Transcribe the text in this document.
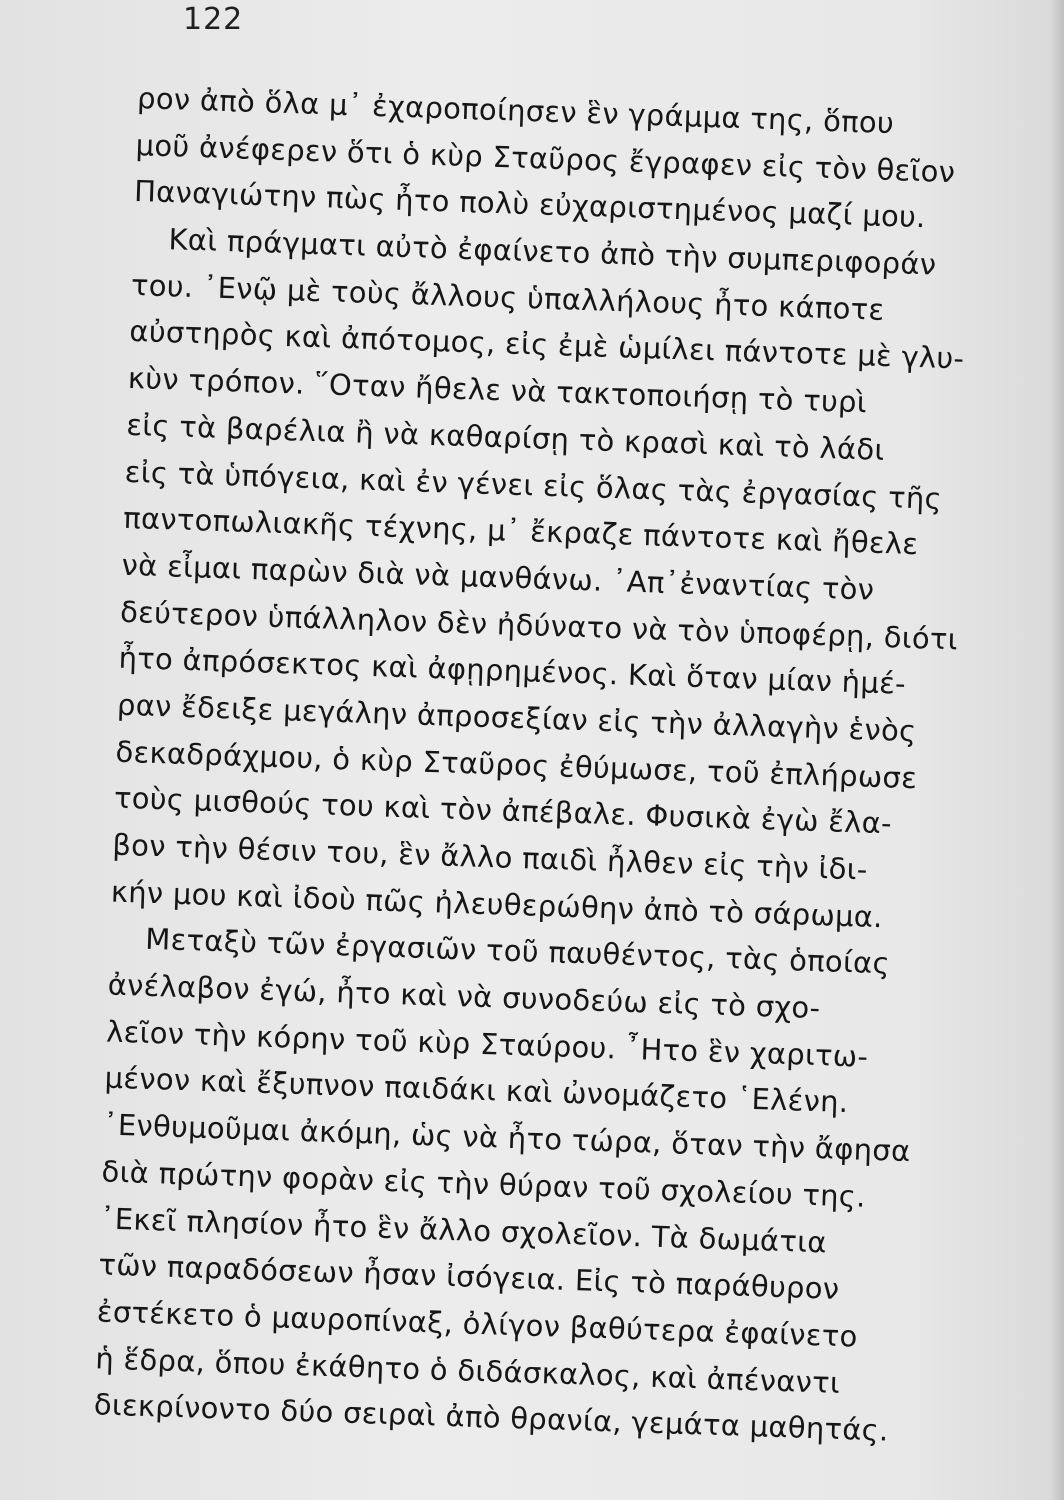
122
ρον ἀπὸ ὅλα μ᾽ ἐχαροποίησεν ἓν γράμμα της, ὅπου
μοῦ ἀνέφερεν ὅτι ὁ κὺρ Σταῦρος ἔγραφεν εἰς τὸν θεῖον
Παναγιώτην πὼς ἦτο πολὺ εὐχαριστημένος μαζί μου.
Καὶ πράγματι αὐτὸ ἐφαίνετο ἀπὸ τὴν συμπεριφοράν
του. ᾿Ενῷ μὲ τοὺς ἄλλους ὑπαλλήλους ἦτο κάποτε
αὐστηρὸς καὶ ἀπότομος, εἰς ἐμὲ ὡμίλει πάντοτε μὲ γλυ-
κὺν τρόπον. ῞Οταν ἤθελε νὰ τακτοποιήσῃ τὸ τυρὶ
εἰς τὰ βαρέλια ἢ νὰ καθαρίσῃ τὸ κρασὶ καὶ τὸ λάδι
εἰς τὰ ὑπόγεια, καὶ ἐν γένει εἰς ὅλας τὰς ἐργασίας τῆς
παντοπωλιακῆς τέχνης, μ᾽ ἔκραζε πάντοτε καὶ ἤθελε
νὰ εἶμαι παρὼν διὰ νὰ μανθάνω. ᾿Απ᾽ἐναντίας τὸν
δεύτερον ὑπάλληλον δὲν ἠδύνατο νὰ τὸν ὑποφέρῃ, διότι
ἦτο ἀπρόσεκτος καὶ ἀφῃρημένος. Καὶ ὅταν μίαν ἡμέ-
ραν ἔδειξε μεγάλην ἀπροσεξίαν εἰς τὴν ἀλλαγὴν ἑνὸς
δεκαδράχμου, ὁ κὺρ Σταῦρος ἐθύμωσε, τοῦ ἐπλήρωσε
τοὺς μισθούς του καὶ τὸν ἀπέβαλε. Φυσικὰ ἐγὼ ἔλα-
βον τὴν θέσιν του, ἓν ἄλλο παιδὶ ἦλθεν εἰς τὴν ἰδι-
κήν μου καὶ ἰδοὺ πῶς ἠλευθερώθην ἀπὸ τὸ σάρωμα.
Μεταξὺ τῶν ἐργασιῶν τοῦ παυθέντος, τὰς ὁποίας
ἀνέλαβον ἐγώ, ἦτο καὶ νὰ συνοδεύω εἰς τὸ σχο-
λεῖον τὴν κόρην τοῦ κὺρ Σταύρου. ῏Ητο ἓν χαριτω-
μένον καὶ ἔξυπνον παιδάκι καὶ ὠνομάζετο ῾Ελένη.
᾿Ενθυμοῦμαι ἀκόμη, ὡς νὰ ἦτο τώρα, ὅταν τὴν ἄφησα
διὰ πρώτην φορὰν εἰς τὴν θύραν τοῦ σχολείου της.
᾿Εκεῖ πλησίον ἦτο ἓν ἄλλο σχολεῖον. Τὰ δωμάτια
τῶν παραδόσεων ἦσαν ἰσόγεια. Εἰς τὸ παράθυρον
ἐστέκετο ὁ μαυροπίναξ, ὀλίγον βαθύτερα ἐφαίνετο
ἡ ἕδρα, ὅπου ἐκάθητο ὁ διδάσκαλος, καὶ ἀπέναντι
διεκρίνοντο δύο σειραὶ ἀπὸ θρανία, γεμάτα μαθητάς.
